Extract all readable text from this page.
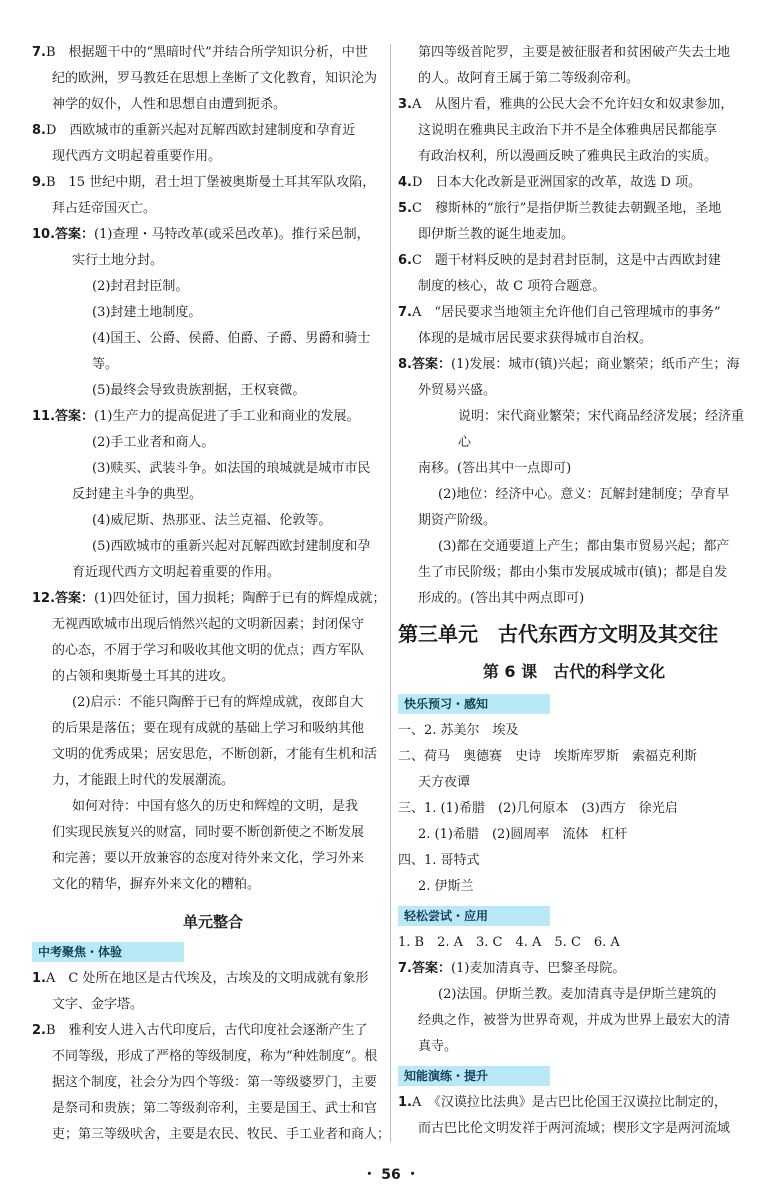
7.B　根据题干中的“黑暗时代”并结合所学知识分析，中世

纪的欧洲，罗马教廷在思想上垄断了文化教育，知识沦为

神学的奴仆，人性和思想自由遭到扼杀。

8.D　西欧城市的重新兴起对瓦解西欧封建制度和孕育近

现代西方文明起着重要作用。

9.B　15 世纪中期，君士坦丁堡被奥斯曼土耳其军队攻陷，

拜占廷帝国灭亡。

10.答案：(1)查理・马特改革(或采邑改革)。推行采邑制，

实行土地分封。

(2)封君封臣制。

(3)封建土地制度。

(4)国王、公爵、侯爵、伯爵、子爵、男爵和骑士等。

(5)最终会导致贵族割据，王权衰微。

11.答案：(1)生产力的提高促进了手工业和商业的发展。

(2)手工业者和商人。

(3)赎买、武装斗争。如法国的琅城就是城市市民

反封建主斗争的典型。

(4)威尼斯、热那亚、法兰克福、伦敦等。

(5)西欧城市的重新兴起对瓦解西欧封建制度和孕

育近现代西方文明起着重要的作用。

12.答案：(1)四处征讨，国力损耗；陶醉于已有的辉煌成就；

无视西欧城市出现后悄然兴起的文明新因素；封闭保守

的心态，不屑于学习和吸收其他文明的优点；西方军队

的占领和奥斯曼土耳其的进攻。

(2)启示：不能只陶醉于已有的辉煌成就，夜郎自大

的后果是落伍；要在现有成就的基础上学习和吸纳其他

文明的优秀成果；居安思危，不断创新，才能有生机和活

力，才能跟上时代的发展潮流。

如何对待：中国有悠久的历史和辉煌的文明，是我

们实现民族复兴的财富，同时要不断创新使之不断发展

和完善；要以开放兼容的态度对待外来文化，学习外来

文化的精华，摒弃外来文化的糟粕。

单元整合
中考聚焦・体验

1.A　C 处所在地区是古代埃及，古埃及的文明成就有象形

文字、金字塔。

2.B　雅利安人进入古代印度后，古代印度社会逐渐产生了

不同等级，形成了严格的等级制度，称为“种姓制度”。根

据这个制度，社会分为四个等级：第一等级婆罗门，主要

是祭司和贵族；第二等级刹帝利，主要是国王、武士和官

吏；第三等级吠舍，主要是农民、牧民、手工业者和商人；

第四等级首陀罗，主要是被征服者和贫困破产失去土地

的人。故阿育王属于第二等级刹帝利。

3.A　从图片看，雅典的公民大会不允许妇女和奴隶参加，

这说明在雅典民主政治下并不是全体雅典居民都能享

有政治权利，所以漫画反映了雅典民主政治的实质。

4.D　日本大化改新是亚洲国家的改革，故选 D 项。

5.C　穆斯林的“旅行”是指伊斯兰教徒去朝觐圣地，圣地

即伊斯兰教的诞生地麦加。

6.C　题干材料反映的是封君封臣制，这是中古西欧封建

制度的核心，故 C 项符合题意。

7.A　“居民要求当地领主允许他们自己管理城市的事务”

体现的是城市居民要求获得城市自治权。

8.答案：(1)发展：城市(镇)兴起；商业繁荣；纸币产生；海

外贸易兴盛。

说明：宋代商业繁荣；宋代商品经济发展；经济重心

南移。(答出其中一点即可)

(2)地位：经济中心。意义：瓦解封建制度；孕育早

期资产阶级。

(3)都在交通要道上产生；都由集市贸易兴起；都产

生了市民阶级；都由小集市发展成城市(镇)；都是自发

形成的。(答出其中两点即可)

第三单元　古代东西方文明及其交往
第 6 课　古代的科学文化
快乐预习・感知

一、2. 苏美尔　埃及

二、荷马　奥德赛　史诗　埃斯库罗斯　索福克利斯

天方夜谭

三、1. (1)希腊　(2)几何原本　(3)西方　徐光启

2. (1)希腊　(2)圆周率　流体　杠杆

四、1. 哥特式

2. 伊斯兰

轻松尝试・应用

1. B　2. A　3. C　4. A　5. C　6. A

7.答案：(1)麦加清真寺、巴黎圣母院。

(2)法国。伊斯兰教。麦加清真寺是伊斯兰建筑的

经典之作，被誉为世界奇观，并成为世界上最宏大的清

真寺。

知能演练・提升

1.A　《汉谟拉比法典》是古巴比伦国王汉谟拉比制定的，

而古巴比伦文明发祥于两河流域；楔形文字是两河流域

・ 56 ・
